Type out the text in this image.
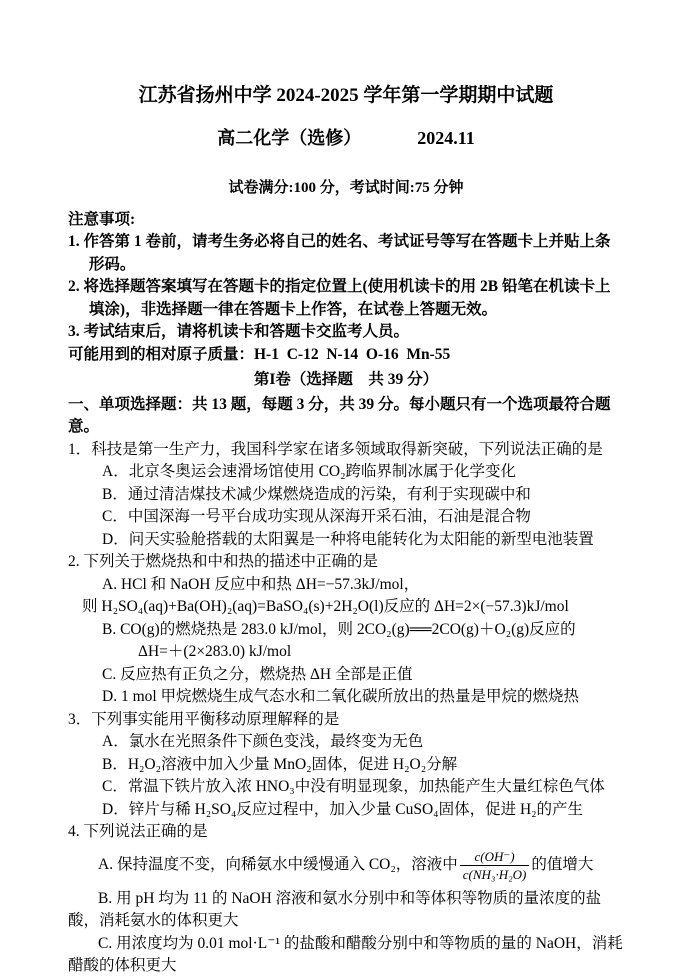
江苏省扬州中学 2024-2025 学年第一学期期中试题
高二化学（选修）	2024.11
试卷满分:100 分，考试时间:75 分钟
注意事项:
1. 作答第 1 卷前，请考生务必将自己的姓名、考试证号等写在答题卡上并贴上条形码。
2. 将选择题答案填写在答题卡的指定位置上(使用机读卡的用 2B 铅笔在机读卡上填涂)，非选择题一律在答题卡上作答，在试卷上答题无效。
3. 考试结束后，请将机读卡和答题卡交监考人员。
可能用到的相对原子质量：H-1  C-12  N-14  O-16  Mn-55
第I卷（选择题　共 39 分）
一、单项选择题：共 13 题，每题 3 分，共 39 分。每小题只有一个选项最符合题意。
1．科技是第一生产力，我国科学家在诸多领域取得新突破，下列说法正确的是
A．北京冬奥运会速滑场馆使用 CO₂跨临界制冰属于化学变化
B．通过清洁煤技术减少煤燃烧造成的污染，有利于实现碳中和
C．中国深海一号平台成功实现从深海开采石油，石油是混合物
D．问天实验舱搭载的太阳翼是一种将电能转化为太阳能的新型电池装置
2. 下列关于燃烧热和中和热的描述中正确的是
A. HCl 和 NaOH 反应中和热 ΔH=−57.3kJ/mol，
则 H₂SO₄(aq)+Ba(OH)₂(aq)=BaSO₄(s)+2H₂O(l)反应的 ΔH=2×(−57.3)kJ/mol
B. CO(g)的燃烧热是 283.0 kJ/mol，则 2CO₂(g)══2CO(g)＋O₂(g)反应的
ΔH=＋(2×283.0) kJ/mol
C. 反应热有正负之分，燃烧热 ΔH 全部是正值
D. 1 mol 甲烷燃烧生成气态水和二氧化碳所放出的热量是甲烷的燃烧热
3．下列事实能用平衡移动原理解释的是
A．氯水在光照条件下颜色变浅，最终变为无色
B．H₂O₂溶液中加入少量 MnO₂固体，促进 H₂O₂分解
C．常温下铁片放入浓 HNO₃中没有明显现象，加热能产生大量红棕色气体
D．锌片与稀 H₂SO₄反应过程中，加入少量 CuSO₄固体，促进 H₂的产生
4. 下列说法正确的是
A. 保持温度不变，向稀氨水中缓慢通入 CO₂，溶液中 $\frac{c(OH^-)}{\text{c(NH₃·H₂O)}}$ 的值增大
B. 用 pH 均为 11 的 NaOH 溶液和氨水分别中和等体积等物质的量浓度的盐酸，消耗氨水的体积更大
C. 用浓度均为 0.01 mol·L⁻¹ 的盐酸和醋酸分别中和等物质的量的 NaOH，消耗醋酸的体积更大
